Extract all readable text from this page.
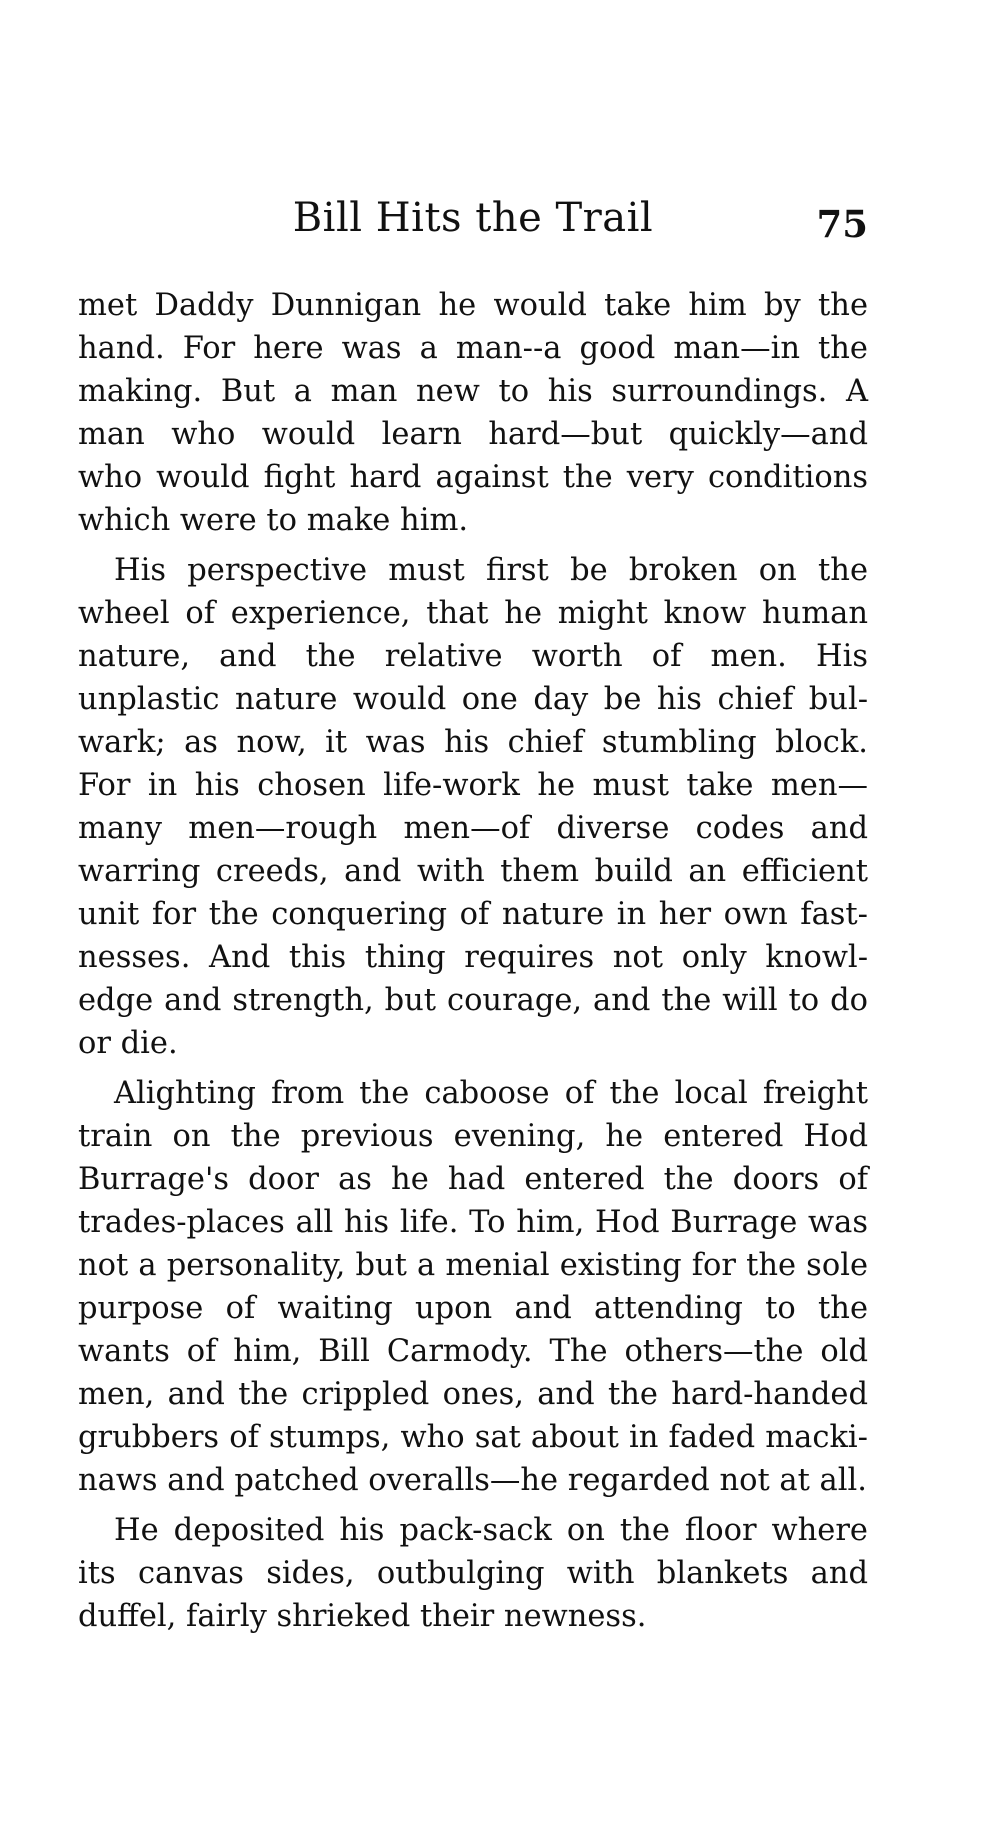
Bill Hits the Trail	75
met Daddy Dunnigan he would take him by the
hand. For here was a man--a good man—in the
making. But a man new to his surroundings. A
man who would learn hard—but quickly—and
who would fight hard against the very conditions
which were to make him.
His perspective must first be broken on the
wheel of experience, that he might know human
nature, and the relative worth of men. His
unplastic nature would one day be his chief bul-
wark; as now, it was his chief stumbling block.
For in his chosen life-work he must take men—
many men—rough men—of diverse codes and
warring creeds, and with them build an efficient
unit for the conquering of nature in her own fast-
nesses. And this thing requires not only knowl-
edge and strength, but courage, and the will to do
or die.
Alighting from the caboose of the local freight
train on the previous evening, he entered Hod
Burrage's door as he had entered the doors of
trades-places all his life. To him, Hod Burrage was
not a personality, but a menial existing for the sole
purpose of waiting upon and attending to the
wants of him, Bill Carmody. The others—the old
men, and the crippled ones, and the hard-handed
grubbers of stumps, who sat about in faded macki-
naws and patched overalls—he regarded not at all.
He deposited his pack-sack on the floor where
its canvas sides, outbulging with blankets and
duffel, fairly shrieked their newness.
